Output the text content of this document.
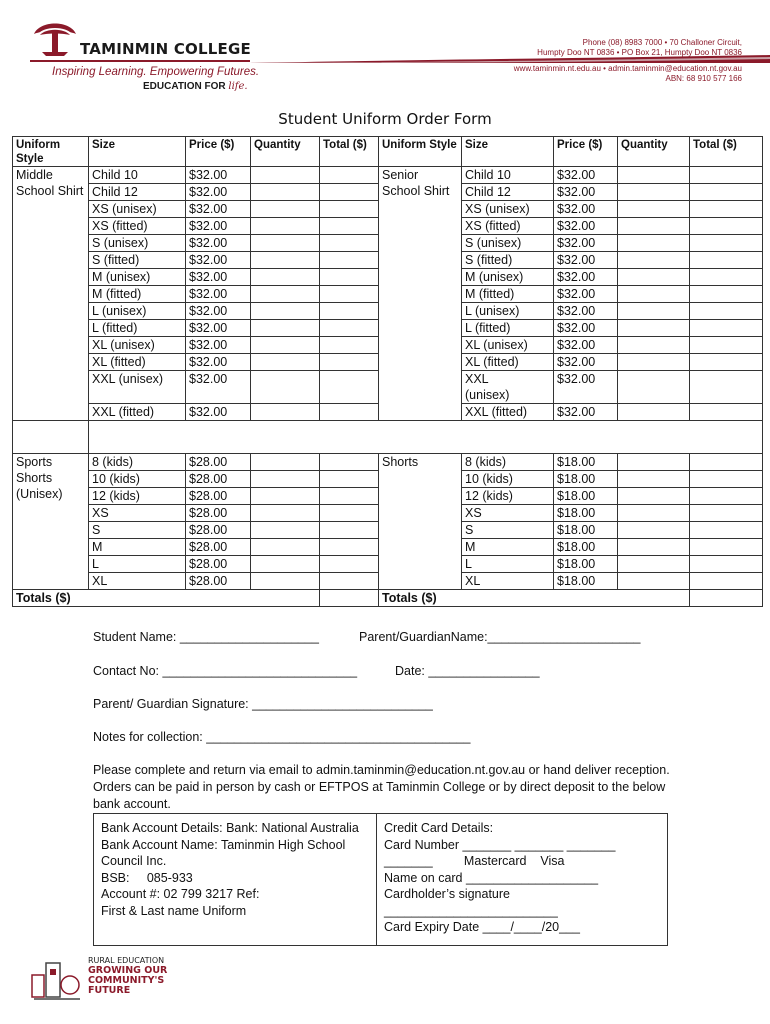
TAMINMIN COLLEGE
Inspiring Learning. Empowering Futures.
EDUCATION FOR life.
Phone (08) 8983 7000 • 70 Challoner Circuit,
Humpty Doo NT 0836 • PO Box 21, Humpty Doo NT 0836
www.taminmin.nt.edu.au • admin.taminmin@education.nt.gov.au
ABN: 68 910 577 166
Student Uniform Order Form
Uniform Style	Size	Price ($)	Quantity	Total ($)	Uniform Style	Size	Price ($)	Quantity	Total ($)
Middle School Shirt	Child 10	$32.00			Senior School Shirt	Child 10	$32.00		
	Child 12	$32.00				Child 12	$32.00		
	XS (unisex)	$32.00				XS (unisex)	$32.00		
	XS (fitted)	$32.00				XS (fitted)	$32.00		
	S (unisex)	$32.00				S (unisex)	$32.00		
	S (fitted)	$32.00				S (fitted)	$32.00		
	M (unisex)	$32.00				M (unisex)	$32.00		
	M (fitted)	$32.00				M (fitted)	$32.00		
	L (unisex)	$32.00				L (unisex)	$32.00		
	L (fitted)	$32.00				L (fitted)	$32.00		
	XL (unisex)	$32.00				XL (unisex)	$32.00		
	XL (fitted)	$32.00				XL (fitted)	$32.00		
	XXL (unisex)	$32.00				XXL (unisex)	$32.00		
	XXL (fitted)	$32.00				XXL (fitted)	$32.00		

Sports Shorts (Unisex)	8 (kids)	$28.00			Shorts	8 (kids)	$18.00		
	10 (kids)	$28.00				10 (kids)	$18.00		
	12 (kids)	$28.00				12 (kids)	$18.00		
	XS	$28.00				XS	$18.00		
	S	$28.00				S	$18.00		
	M	$28.00				M	$18.00		
	L	$28.00				L	$18.00		
	XL	$28.00				XL	$18.00		
Totals ($)					Totals ($)				
Student Name: ____________________	Parent/GuardianName:______________________
Contact No: ____________________________	Date: ________________
Parent/ Guardian Signature: __________________________
Notes for collection: ______________________________________
Please complete and return via email to admin.taminmin@education.nt.gov.au or hand deliver reception. Orders can be paid in person by cash or EFTPOS at Taminmin College or by direct deposit to the below bank account.
Bank Account Details: Bank: National Australia
Bank Account Name: Taminmin High School Council Inc.
BSB:     085-933
Account #: 02 799 3217 Ref:
First & Last name Uniform
Credit Card Details:
Card Number _______ _______ _______
_______         Mastercard    Visa
Name on card ___________________
Cardholder’s signature
_________________________
Card Expiry Date ____/____/20___
RURAL EDUCATION
GROWING OUR
COMMUNITY'S
FUTURE
